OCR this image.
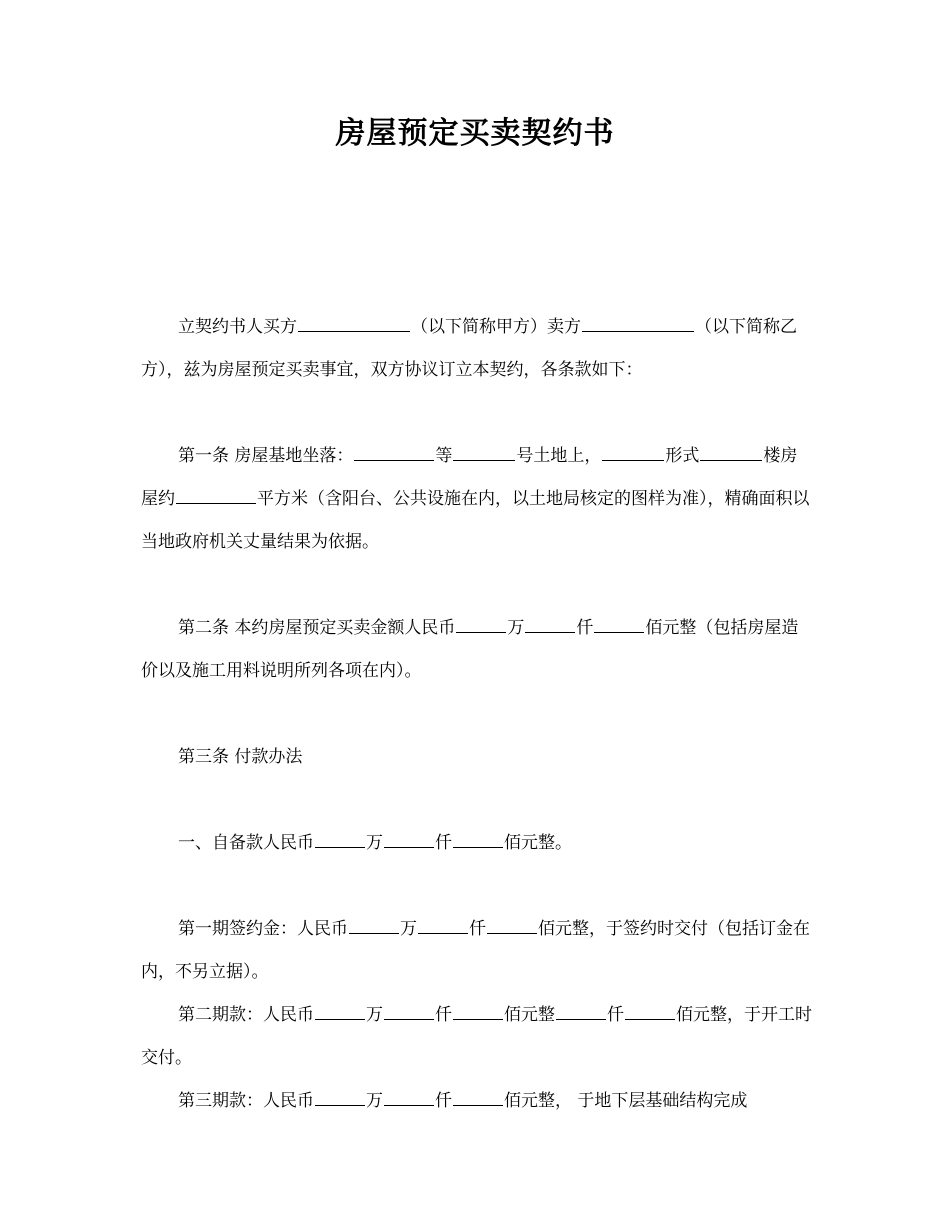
房屋预定买卖契约书

立契约书人买方	（以下简称甲方）卖方	（以下简称乙方），兹为房屋预定买卖事宜，双方协议订立本契约，各条款如下：

第一条 房屋基地坐落：	等	号土地上，	形式	楼房屋约	平方米（含阳台、公共设施在内，以土地局核定的图样为准），精确面积以当地政府机关丈量结果为依据。

第二条 本约房屋预定买卖金额人民币	万	仟	佰元整（包括房屋造价以及施工用料说明所列各项在内）。

第三条 付款办法

一、自备款人民币	万	仟	佰元整。

第一期签约金：人民币	万	仟	佰元整，于签约时交付（包括订金在内，不另立据）。

第二期款：人民币	万	仟	佰元整	仟	佰元整，于开工时交付。

第三期款：人民币	万	仟	佰元整， 于地下层基础结构完成
